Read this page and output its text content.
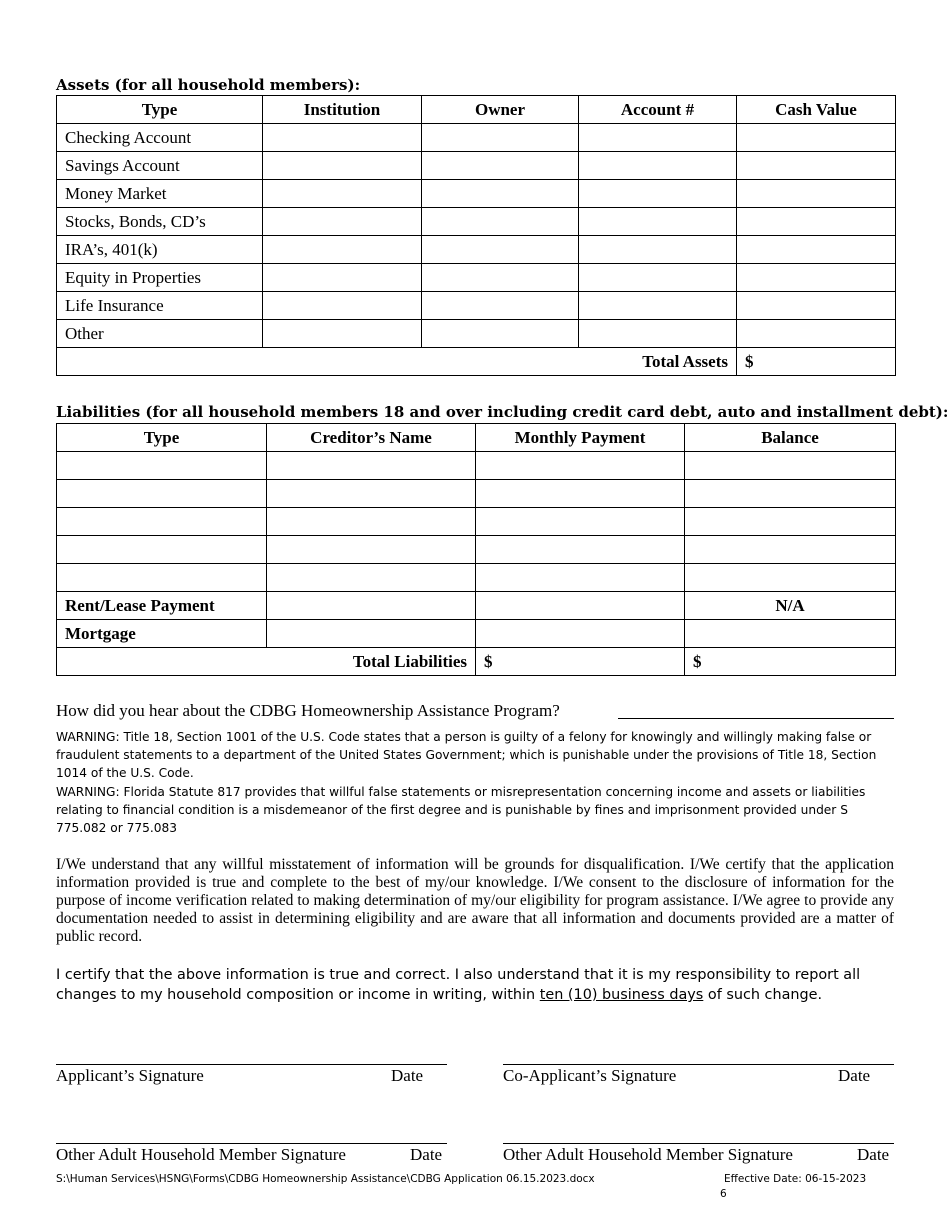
Assets (for all household members):
Type	Institution	Owner	Account #	Cash Value
Checking Account				
Savings Account				
Money Market				
Stocks, Bonds, CD’s				
IRA’s, 401(k)				
Equity in Properties				
Life Insurance				
Other				
Total Assets				$
Liabilities (for all household members 18 and over including credit card debt, auto and installment debt):
Type	Creditor’s Name	Monthly Payment	Balance

Rent/Lease Payment			N/A
Mortgage			
Total Liabilities		$	$
How did you hear about the CDBG Homeownership Assistance Program?
WARNING: Title 18, Section 1001 of the U.S. Code states that a person is guilty of a felony for knowingly and willingly making false or fraudulent statements to a department of the United States Government; which is punishable under the provisions of Title 18, Section 1014 of the U.S. Code.
WARNING: Florida Statute 817 provides that willful false statements or misrepresentation concerning income and assets or liabilities relating to financial condition is a misdemeanor of the first degree and is punishable by fines and imprisonment provided under S 775.082 or 775.083
I/We understand that any willful misstatement of information will be grounds for disqualification. I/We certify that the application information provided is true and complete to the best of my/our knowledge. I/We consent to the disclosure of information for the purpose of income verification related to making determination of my/our eligibility for program assistance. I/We agree to provide any documentation needed to assist in determining eligibility and are aware that all information and documents provided are a matter of public record.
I certify that the above information is true and correct. I also understand that it is my responsibility to report all changes to my household composition or income in writing, within ten (10) business days of such change.
Applicant’s Signature	Date	Co-Applicant’s Signature	Date
Other Adult Household Member Signature	Date	Other Adult Household Member Signature	Date
S:\Human Services\HSNG\Forms\CDBG Homeownership Assistance\CDBG Application 06.15.2023.docx	Effective Date: 06-15-2023
6
